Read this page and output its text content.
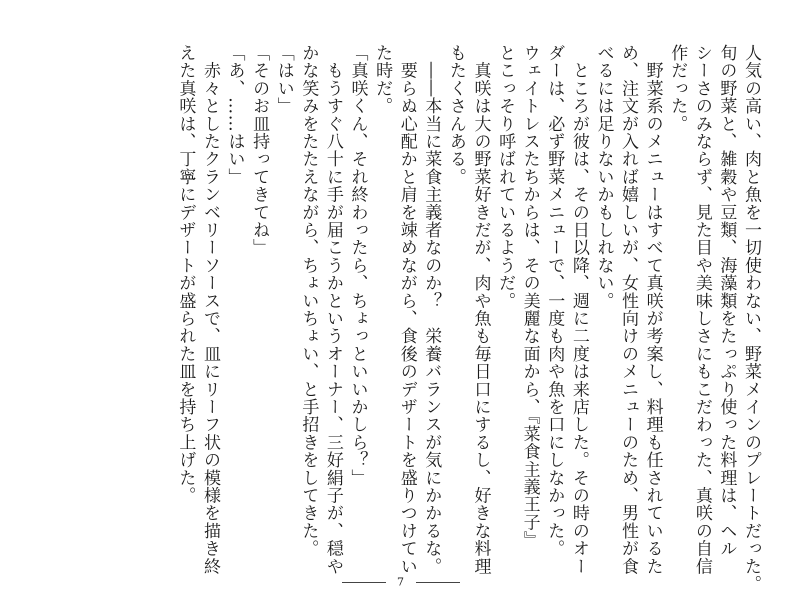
人気の高い、肉と魚を一切使わない、野菜メインのプレートだった。

旬の野菜と、雑穀や豆類、海藻類をたっぷり使った料理は、ヘル

シーさのみならず、見た目や美味しさにもこだわった、真咲の自信

作だった。

　野菜系のメニューはすべて真咲が考案し、料理も任されているた

め、注文が入れば嬉しいが、女性向けのメニューのため、男性が食

べるには足りないかもしれない。

　ところが彼は、その日以降、週に二度は来店した。その時のオー

ダーは、必ず野菜メニューで、一度も肉や魚を口にしなかった。

ウェイトレスたちからは、その美麗な面から、『菜食主義王子』

とこっそり呼ばれているようだ。

　真咲は大の野菜好きだが、肉や魚も毎日口にするし、好きな料理

もたくさんある。

　――本当に菜食主義者なのか？　栄養バランスが気にかかるな。

　要らぬ心配かと肩を竦めながら、食後のデザートを盛りつけてい

た時だ。

「真咲くん、それ終わったら、ちょっといいかしら？」

　もうすぐ八十に手が届こうかというオーナー、三好絹子が、穏や

かな笑みをたたえながら、ちょいちょい、と手招きをしてきた。

「はい」

「そのお皿持ってきてね」

「あ、……はい」

　赤々としたクランベリーソースで、皿にリーフ状の模様を描き終

えた真咲は、丁寧にデザートが盛られた皿を持ち上げた。

7
